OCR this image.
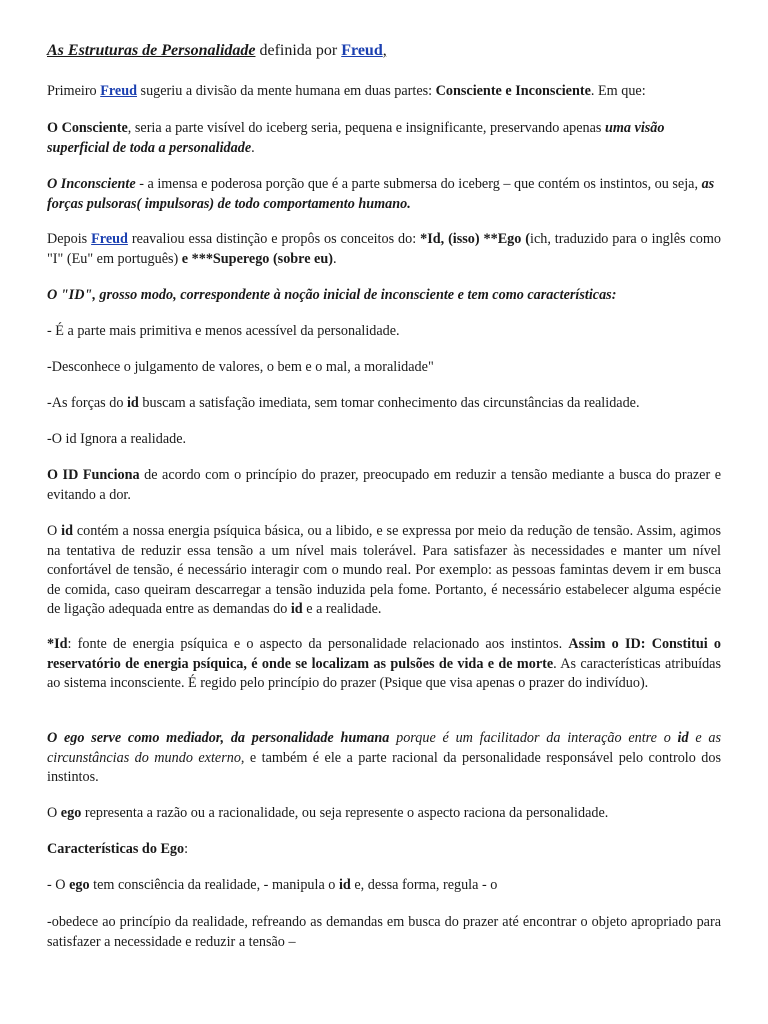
As Estruturas de Personalidade definida por Freud,

Primeiro Freud sugeriu a divisão da mente humana em duas partes: Consciente e Inconsciente. Em que:

O Consciente, seria a parte visível do iceberg seria, pequena e insignificante, preservando apenas uma visão superficial de toda a personalidade.

O Inconsciente - a imensa e poderosa porção que é a parte submersa do iceberg – que contém os instintos, ou seja, as forças pulsoras( impulsoras) de todo comportamento humano.

Depois Freud reavaliou essa distinção e propôs os conceitos do: *Id, (isso) **Ego (ich, traduzido para o inglês como "I" (Eu" em português) e ***Superego (sobre eu).

O "ID", grosso modo, correspondente à noção inicial de inconsciente e tem como características:

- É a parte mais primitiva e menos acessível da personalidade.

-Desconhece o julgamento de valores, o bem e o mal, a moralidade"

-As forças do id buscam a satisfação imediata, sem tomar conhecimento das circunstâncias da realidade.

-O id Ignora a realidade.

O ID Funciona de acordo com o princípio do prazer, preocupado em reduzir a tensão mediante a busca do prazer e evitando a dor.

O id contém a nossa energia psíquica básica, ou a libido, e se expressa por meio da redução de tensão. Assim, agimos na tentativa de reduzir essa tensão a um nível mais tolerável. Para satisfazer às necessidades e manter um nível confortável de tensão, é necessário interagir com o mundo real. Por exemplo: as pessoas famintas devem ir em busca de comida, caso queiram descarregar a tensão induzida pela fome. Portanto, é necessário estabelecer alguma espécie de ligação adequada entre as demandas do id e a realidade.

*Id: fonte de energia psíquica e o aspecto da personalidade relacionado aos instintos. Assim o ID: Constitui o reservatório de energia psíquica, é onde se localizam as pulsões de vida e de morte. As características atribuídas ao sistema inconsciente. É regido pelo princípio do prazer (Psique que visa apenas o prazer do indivíduo).

O ego serve como mediador, da personalidade humana porque é um facilitador da interação entre o id e as circunstâncias do mundo externo, e também é ele a parte racional da personalidade responsável pelo controlo dos instintos.

O ego representa a razão ou a racionalidade, ou seja represente o aspecto raciona da personalidade.

Características do Ego:

- O ego tem consciência da realidade, - manipula o id e, dessa forma, regula - o

-obedece ao princípio da realidade, refreando as demandas em busca do prazer até encontrar o objeto apropriado para satisfazer a necessidade e reduzir a tensão –
